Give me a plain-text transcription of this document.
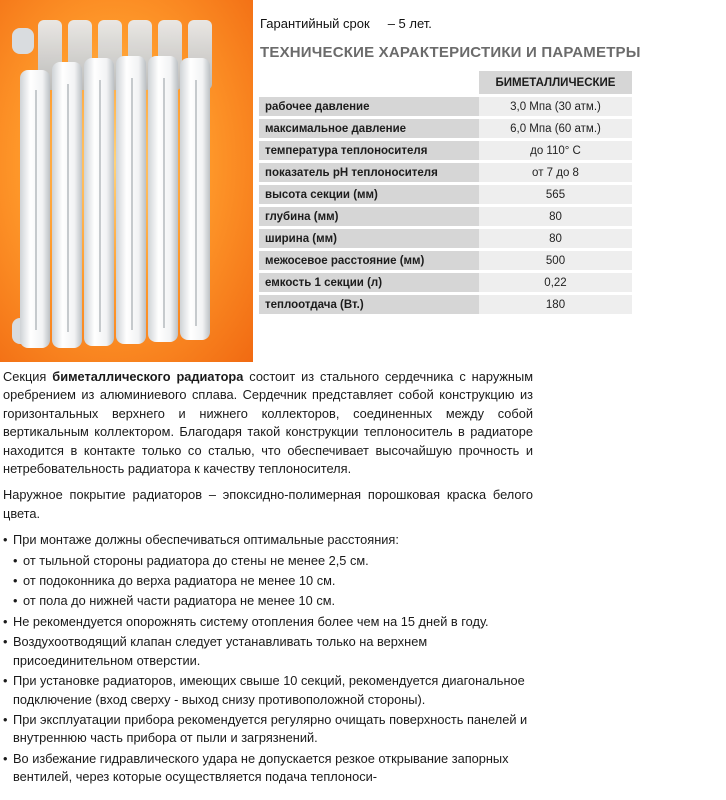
Гарантийный срок – 5 лет.
ТЕХНИЧЕСКИЕ ХАРАКТЕРИСТИКИ И ПАРАМЕТРЫ
	БИМЕТАЛЛИЧЕСКИЕ
рабочее давление	3,0 Мпа (30 атм.)
максимальное давление	6,0 Мпа (60 атм.)
температура теплоносителя	до 110° С
показатель pH теплоносителя	от 7 до 8
высота секции (мм)	565
глубина (мм)	80
ширина (мм)	80
межосевое расстояние (мм)	500
емкость 1 секции (л)	0,22
теплоотдача (Вт.)	180

Секция биметаллического радиатора состоит из стального сердечника с наружным оребрением из алюминиевого сплава. Сердечник представляет собой конструкцию из горизонтальных верхнего и нижнего коллекторов, соединенных между собой вертикальным коллектором. Благодаря такой конструкции теплоноситель в радиаторе находится в контакте только со сталью, что обеспечивает высочайшую прочность и нетребовательность радиатора к качеству теплоносителя.

Наружное покрытие радиаторов – эпоксидно-полимерная порошковая краска белого цвета.

• При монтаже должны обеспечиваться оптимальные расстояния:
• от тыльной стороны радиатора до стены не менее 2,5 см.
• от подоконника до верха радиатора не менее 10 см.
• от пола до нижней части радиатора не менее 10 см.
• Не рекомендуется опорожнять систему отопления более чем на 15 дней в году.
• Воздухоотводящий клапан следует устанавливать только на верхнем присоединительном отверстии.
• При установке радиаторов, имеющих свыше 10 секций, рекомендуется диагональное подключение (вход сверху - выход снизу противоположной стороны).
• При эксплуатации прибора рекомендуется регулярно очищать поверхность панелей и внутреннюю часть прибора от пыли и загрязнений.
• Во избежание гидравлического удара не допускается резкое открывание запорных вентилей, через которые осуществляется подача теплоноси-
